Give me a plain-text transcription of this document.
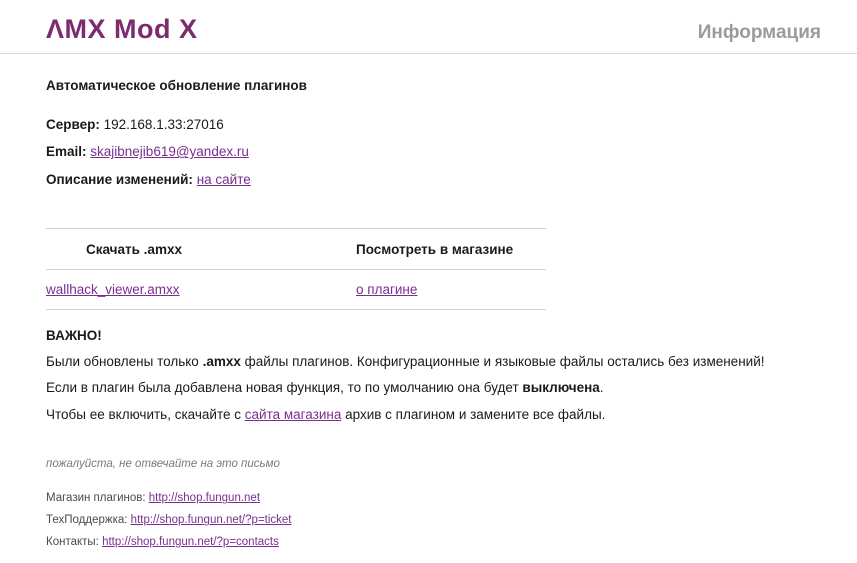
ΛMX Mod X	Информация
Автоматическое обновление плагинов
Сервер: 192.168.1.33:27016
Email: skajibnejib619@yandex.ru
Описание изменений: на сайте
Скачать .amxx	Посмотреть в магазине
wallhack_viewer.amxx	о плагине
ВАЖНО!

Были обновлены только .amxx файлы плагинов. Конфигурационные и языковые файлы остались без изменений!

Если в плагин была добавлена новая функция, то по умолчанию она будет выключена.

Чтобы ее включить, скачайте с сайта магазина архив с плагином и замените все файлы.

пожалуйста, не отвечайте на это письмо
Магазин плагинов: http://shop.fungun.net
ТехПоддержка: http://shop.fungun.net/?p=ticket
Контакты: http://shop.fungun.net/?p=contacts
